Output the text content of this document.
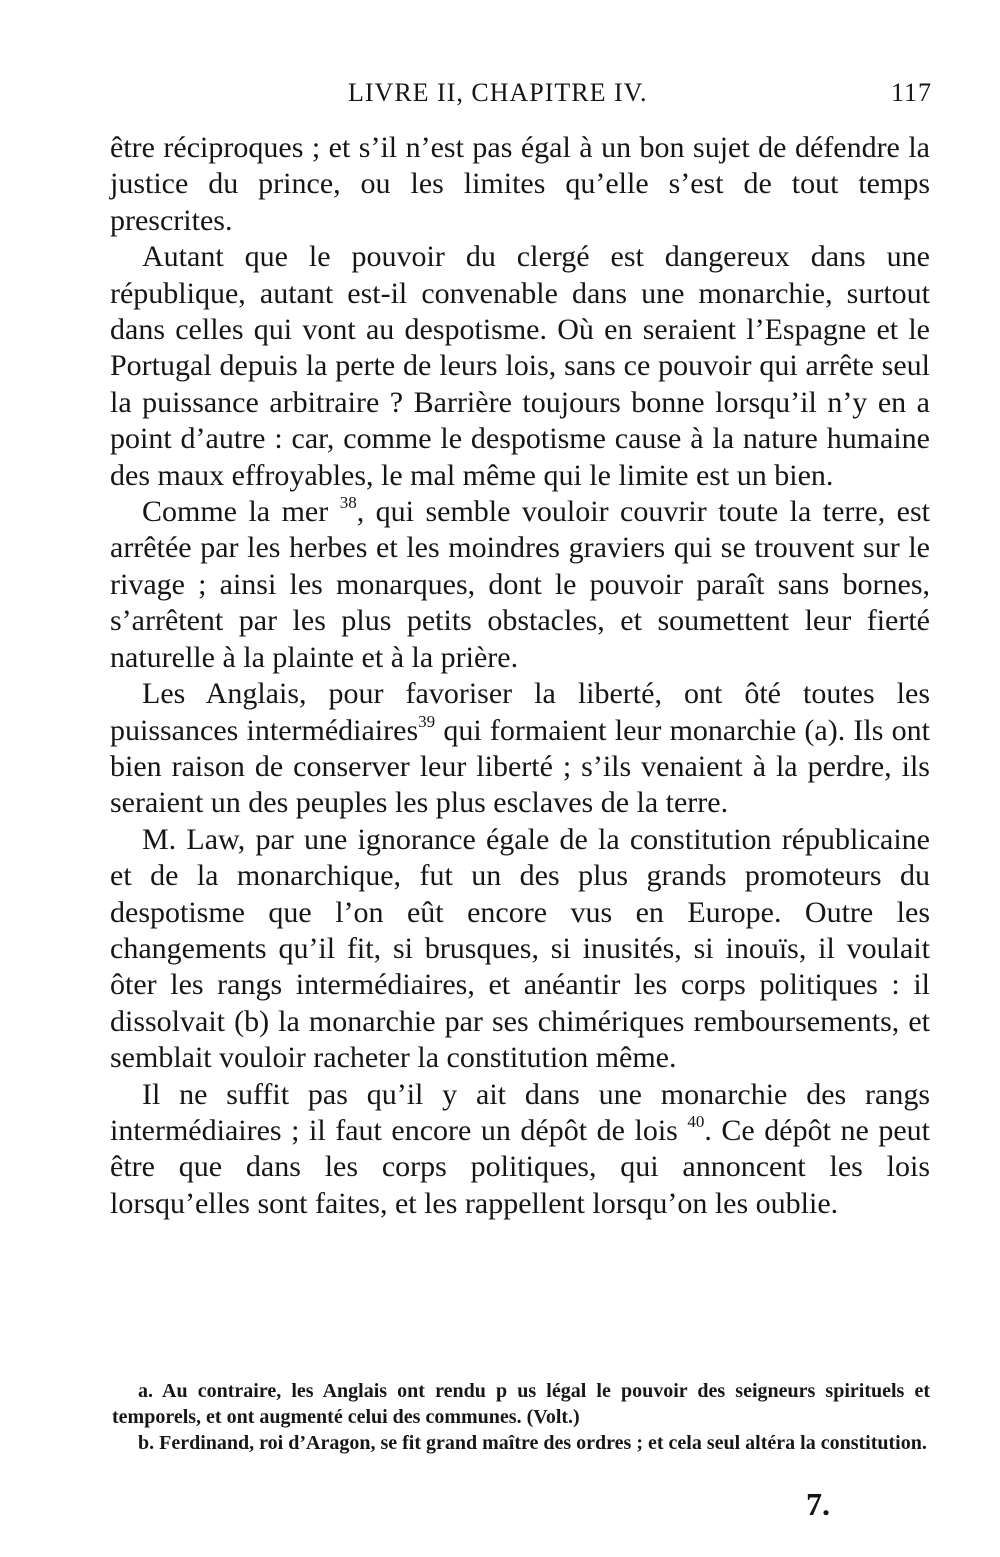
LIVRE II, CHAPITRE IV.	117

être réciproques ; et s’il n’est pas égal à un bon sujet de défendre la justice du prince, ou les limites qu’elle s’est de tout temps prescrites.

Autant que le pouvoir du clergé est dangereux dans une république, autant est-il convenable dans une monarchie, surtout dans celles qui vont au despotisme. Où en seraient l’Espagne et le Portugal depuis la perte de leurs lois, sans ce pouvoir qui arrête seul la puissance arbitraire ? Barrière toujours bonne lorsqu’il n’y en a point d’autre : car, comme le despotisme cause à la nature humaine des maux effroyables, le mal même qui le limite est un bien.

Comme la mer $^{38}$, qui semble vouloir couvrir toute la terre, est arrêtée par les herbes et les moindres graviers qui se trouvent sur le rivage ; ainsi les monarques, dont le pouvoir paraît sans bornes, s’arrêtent par les plus petits obstacles, et soumettent leur fierté naturelle à la plainte et à la prière.

Les Anglais, pour favoriser la liberté, ont ôté toutes les puissances intermédiaires$^{39}$ qui formaient leur monarchie (a). Ils ont bien raison de conserver leur liberté ; s’ils venaient à la perdre, ils seraient un des peuples les plus esclaves de la terre.

M. Law, par une ignorance égale de la constitution républicaine et de la monarchique, fut un des plus grands promoteurs du despotisme que l’on eût encore vus en Europe. Outre les changements qu’il fit, si brusques, si inusités, si inouïs, il voulait ôter les rangs intermédiaires, et anéantir les corps politiques : il dissolvait (b) la monarchie par ses chimériques remboursements, et semblait vouloir racheter la constitution même.

Il ne suffit pas qu’il y ait dans une monarchie des rangs intermédiaires ; il faut encore un dépôt de lois $^{40}$. Ce dépôt ne peut être que dans les corps politiques, qui annoncent les lois lorsqu’elles sont faites, et les rappellent lorsqu’on les oublie.

a. Au contraire, les Anglais ont rendu p us légal le pouvoir des seigneurs spirituels et temporels, et ont augmenté celui des communes. (Volt.)

b. Ferdinand, roi d’Aragon, se fit grand maître des ordres ; et cela seul altéra la constitution.

7.
